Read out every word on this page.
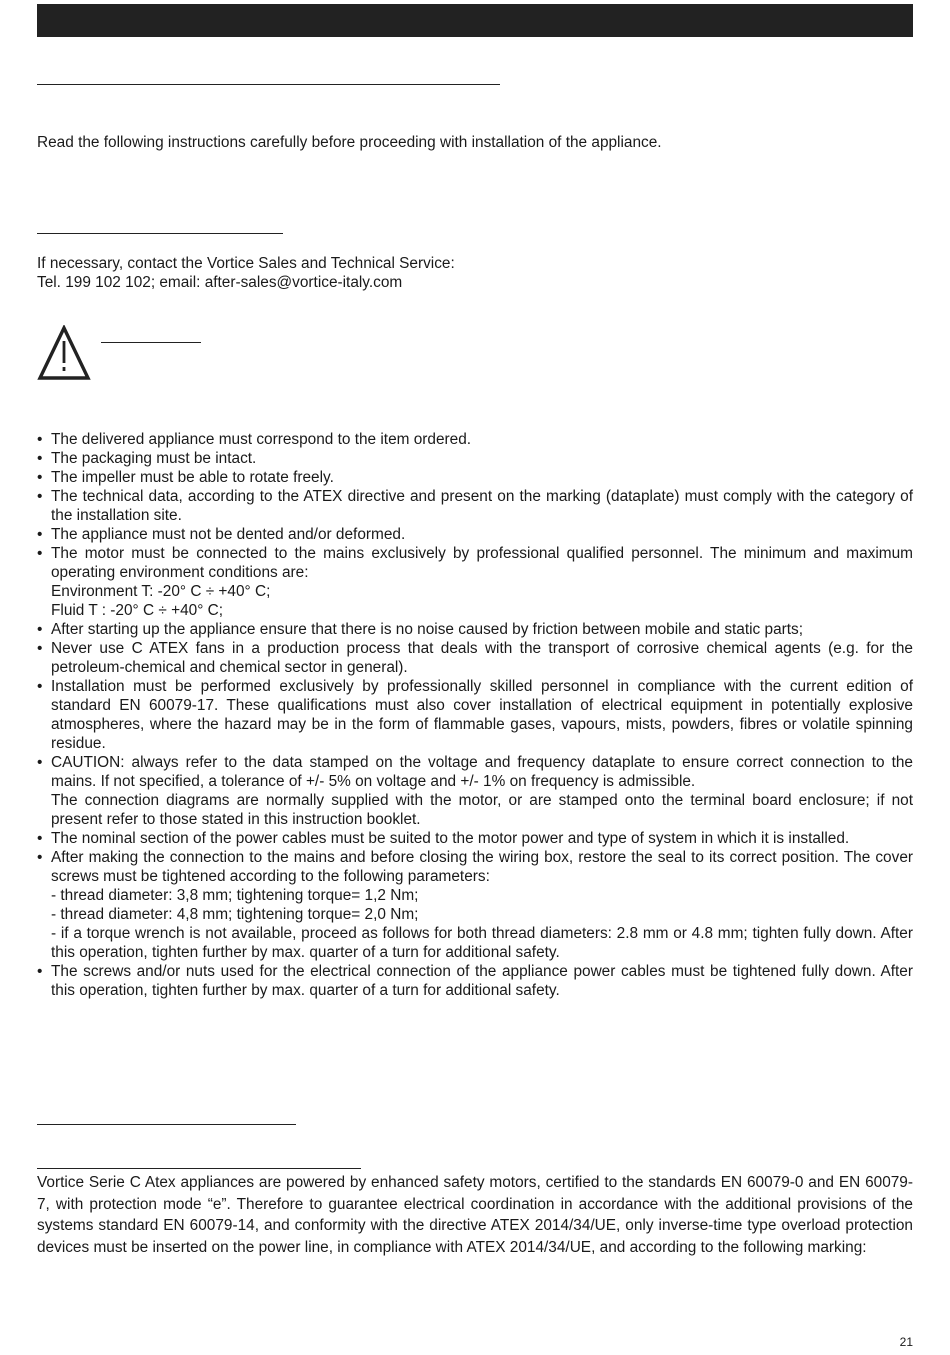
Read the following instructions carefully before proceeding with installation of the appliance.

If necessary, contact the Vortice Sales and Technical Service:

Tel. 199 102 102; email: after-sales@vortice-italy.com

• The delivered appliance must correspond to the item ordered.
• The packaging must be intact.
• The impeller must be able to rotate freely.
• The technical data, according to the ATEX directive and present on the marking (dataplate) must comply with the category of the installation site.
• The appliance must not be dented and/or deformed.
• The motor must be connected to the mains exclusively by professional qualified personnel. The minimum and maximum operating environment conditions are:
Environment T: -20° C ÷ +40° C;
Fluid T : -20° C ÷ +40° C;
• After starting up the appliance ensure that there is no noise caused by friction between mobile and static parts;
• Never use C ATEX fans in a production process that deals with the transport of corrosive chemical agents (e.g. for the petroleum-chemical and chemical sector in general).
• Installation must be performed exclusively by professionally skilled personnel in compliance with the current edition of standard EN 60079-17. These qualifications must also cover installation of electrical equipment in potentially explosive atmospheres, where the hazard may be in the form of flammable gases, vapours, mists, powders, fibres or volatile spinning residue.
• CAUTION: always refer to the data stamped on the voltage and frequency dataplate to ensure correct connection to the mains. If not specified, a tolerance of +/- 5% on voltage and +/- 1% on frequency is admissible.
The connection diagrams are normally supplied with the motor, or are stamped onto the terminal board enclosure; if not present refer to those stated in this instruction booklet.
• The nominal section of the power cables must be suited to the motor power and type of system in which it is installed.
• After making the connection to the mains and before closing the wiring box, restore the seal to its correct position. The cover screws must be tightened according to the following parameters:
- thread diameter: 3,8 mm; tightening torque= 1,2 Nm;
- thread diameter: 4,8 mm; tightening torque= 2,0 Nm;
- if a torque wrench is not available, proceed as follows for both thread diameters: 2.8 mm or 4.8 mm; tighten fully down. After this operation, tighten further by max. quarter of a turn for additional safety.
• The screws and/or nuts used for the electrical connection of the appliance power cables must be tightened fully down. After this operation, tighten further by max. quarter of a turn for additional safety.

Vortice Serie C Atex appliances are powered by enhanced safety motors, certified to the standards EN 60079-0 and EN 60079-7, with protection mode “e”. Therefore to guarantee electrical coordination in accordance with the additional provisions of the systems standard EN 60079-14, and conformity with the directive ATEX 2014/34/UE, only inverse-time type overload protection devices must be inserted on the power line, in compliance with ATEX 2014/34/UE, and according to the following marking:

21
